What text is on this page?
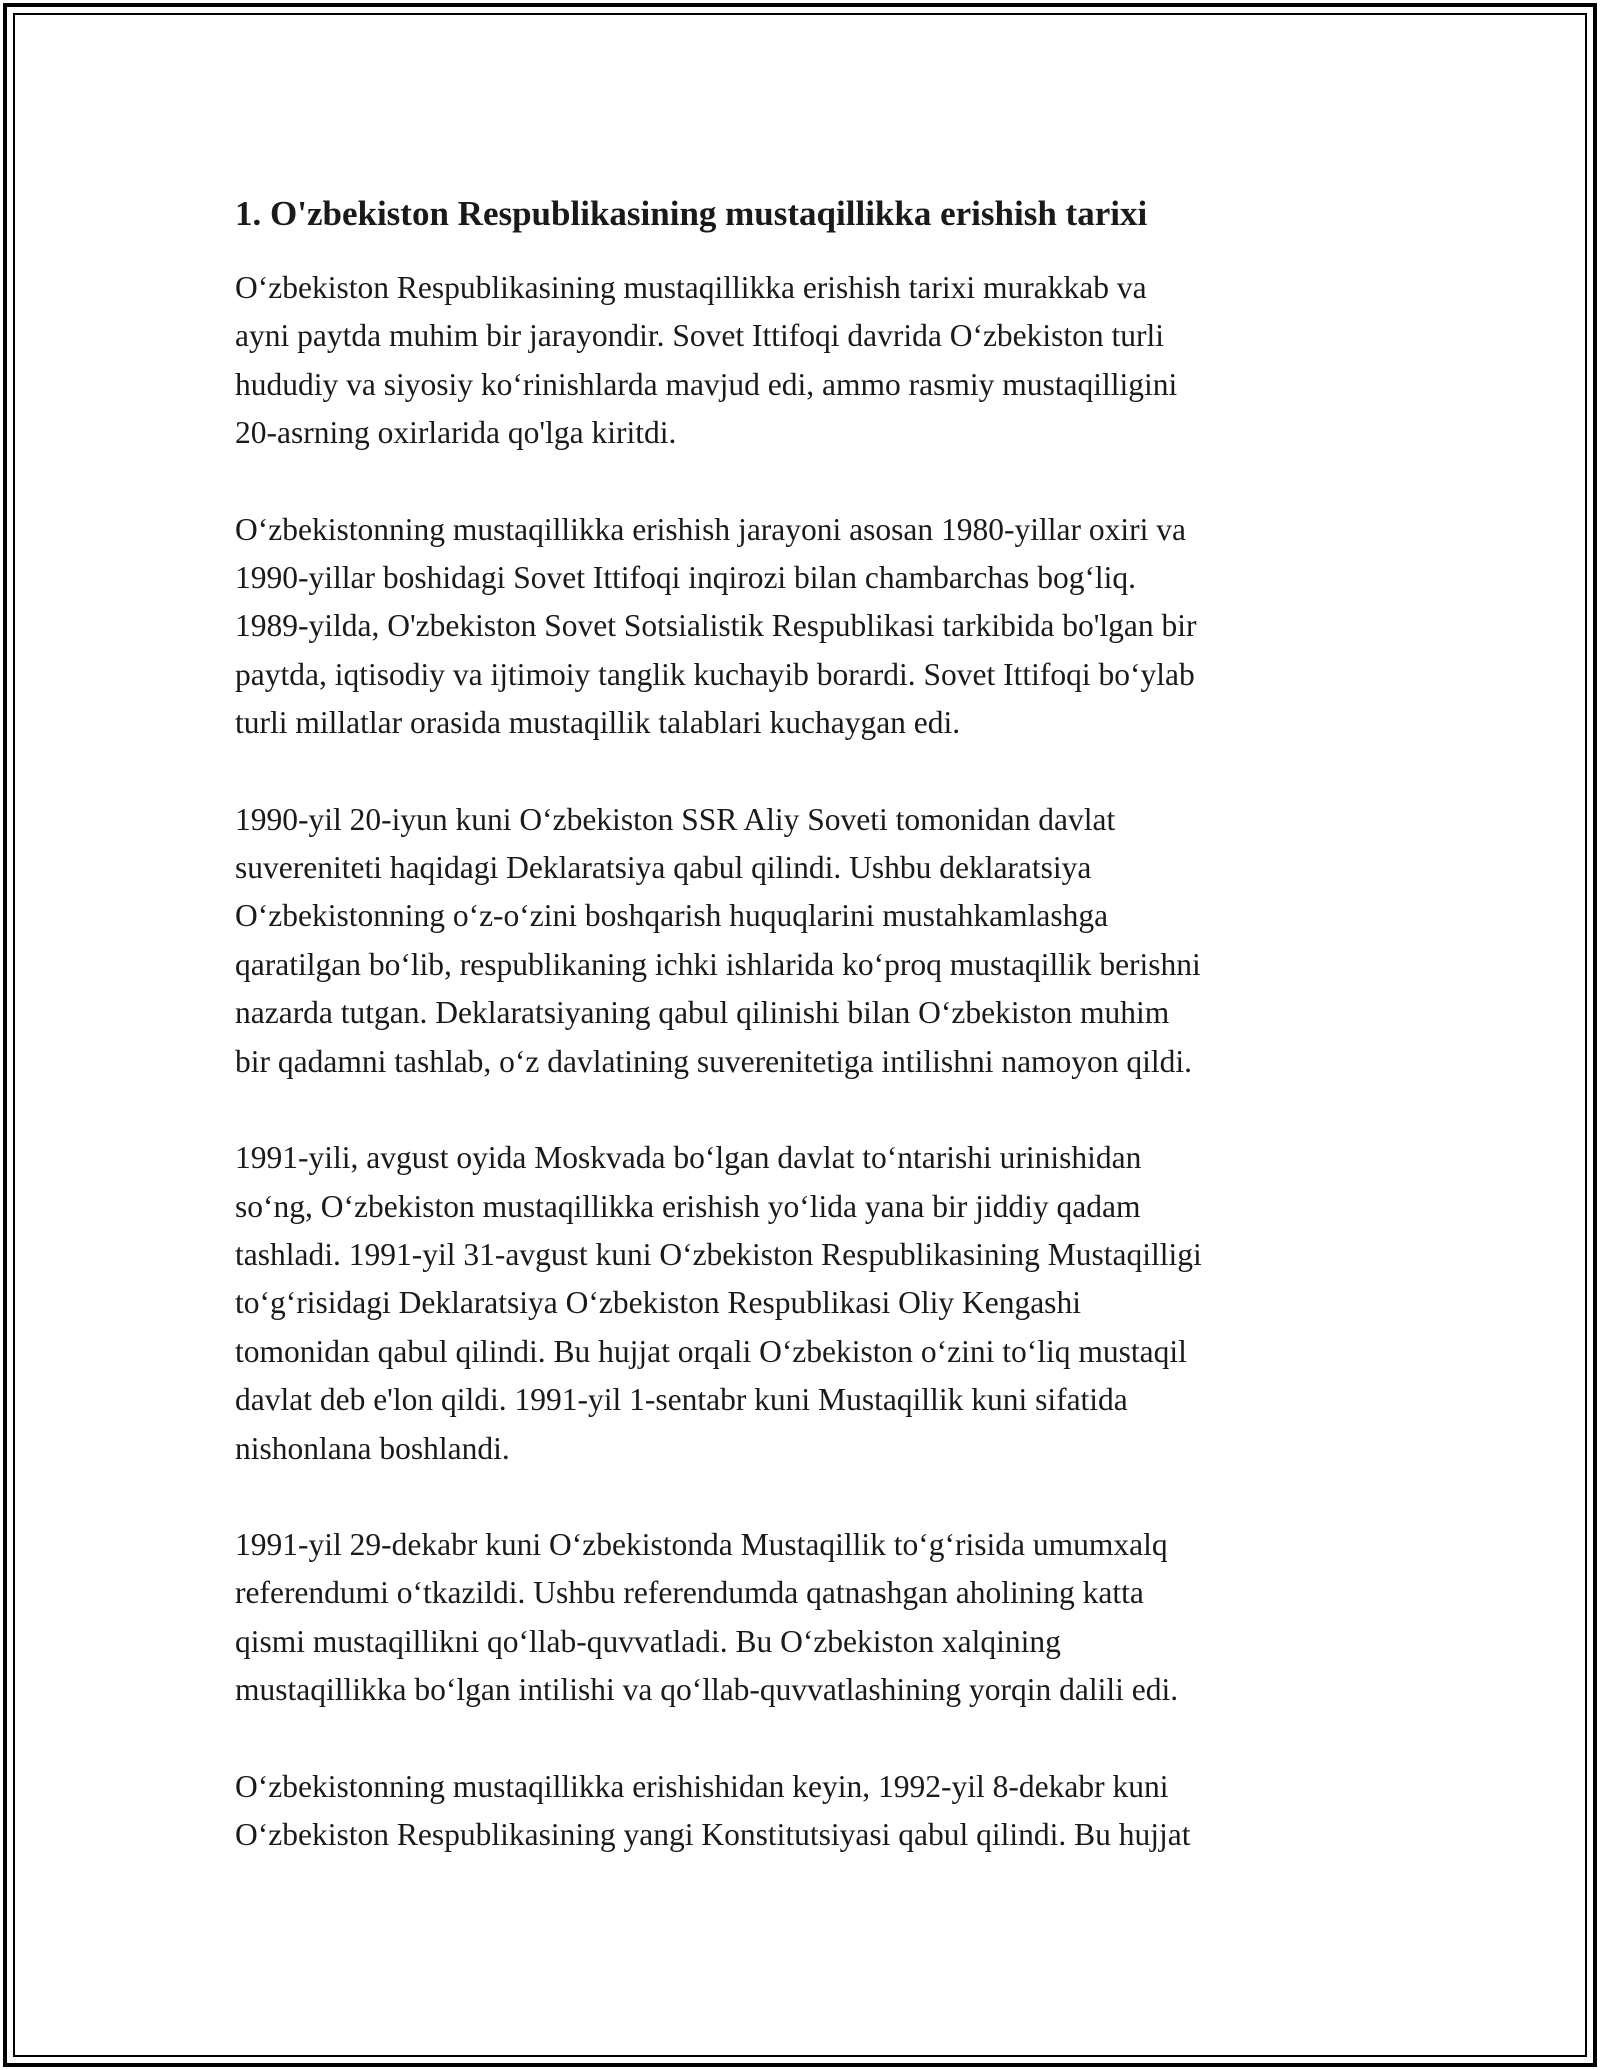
1. O'zbekiston Respublikasining mustaqillikka erishish tarixi

O‘zbekiston Respublikasining mustaqillikka erishish tarixi murakkab va
ayni paytda muhim bir jarayondir. Sovet Ittifoqi davrida O‘zbekiston turli
hududiy va siyosiy ko‘rinishlarda mavjud edi, ammo rasmiy mustaqilligini
20-asrning oxirlarida qo'lga kiritdi.

O‘zbekistonning mustaqillikka erishish jarayoni asosan 1980-yillar oxiri va
1990-yillar boshidagi Sovet Ittifoqi inqirozi bilan chambarchas bog‘liq.
1989-yilda, O'zbekiston Sovet Sotsialistik Respublikasi tarkibida bo'lgan bir
paytda, iqtisodiy va ijtimoiy tanglik kuchayib borardi. Sovet Ittifoqi bo‘ylab
turli millatlar orasida mustaqillik talablari kuchaygan edi.

1990-yil 20-iyun kuni O‘zbekiston SSR Aliy Soveti tomonidan davlat
suvereniteti haqidagi Deklaratsiya qabul qilindi. Ushbu deklaratsiya
O‘zbekistonning o‘z-o‘zini boshqarish huquqlarini mustahkamlashga
qaratilgan bo‘lib, respublikaning ichki ishlarida ko‘proq mustaqillik berishni
nazarda tutgan. Deklaratsiyaning qabul qilinishi bilan O‘zbekiston muhim
bir qadamni tashlab, o‘z davlatining suverenitetiga intilishni namoyon qildi.

1991-yili, avgust oyida Moskvada bo‘lgan davlat to‘ntarishi urinishidan
so‘ng, O‘zbekiston mustaqillikka erishish yo‘lida yana bir jiddiy qadam
tashladi. 1991-yil 31-avgust kuni O‘zbekiston Respublikasining Mustaqilligi
to‘g‘risidagi Deklaratsiya O‘zbekiston Respublikasi Oliy Kengashi
tomonidan qabul qilindi. Bu hujjat orqali O‘zbekiston o‘zini to‘liq mustaqil
davlat deb e'lon qildi. 1991-yil 1-sentabr kuni Mustaqillik kuni sifatida
nishonlana boshlandi.

1991-yil 29-dekabr kuni O‘zbekistonda Mustaqillik to‘g‘risida umumxalq
referendumi o‘tkazildi. Ushbu referendumda qatnashgan aholining katta
qismi mustaqillikni qo‘llab-quvvatladi. Bu O‘zbekiston xalqining
mustaqillikka bo‘lgan intilishi va qo‘llab-quvvatlashining yorqin dalili edi.

O‘zbekistonning mustaqillikka erishishidan keyin, 1992-yil 8-dekabr kuni
O‘zbekiston Respublikasining yangi Konstitutsiyasi qabul qilindi. Bu hujjat
